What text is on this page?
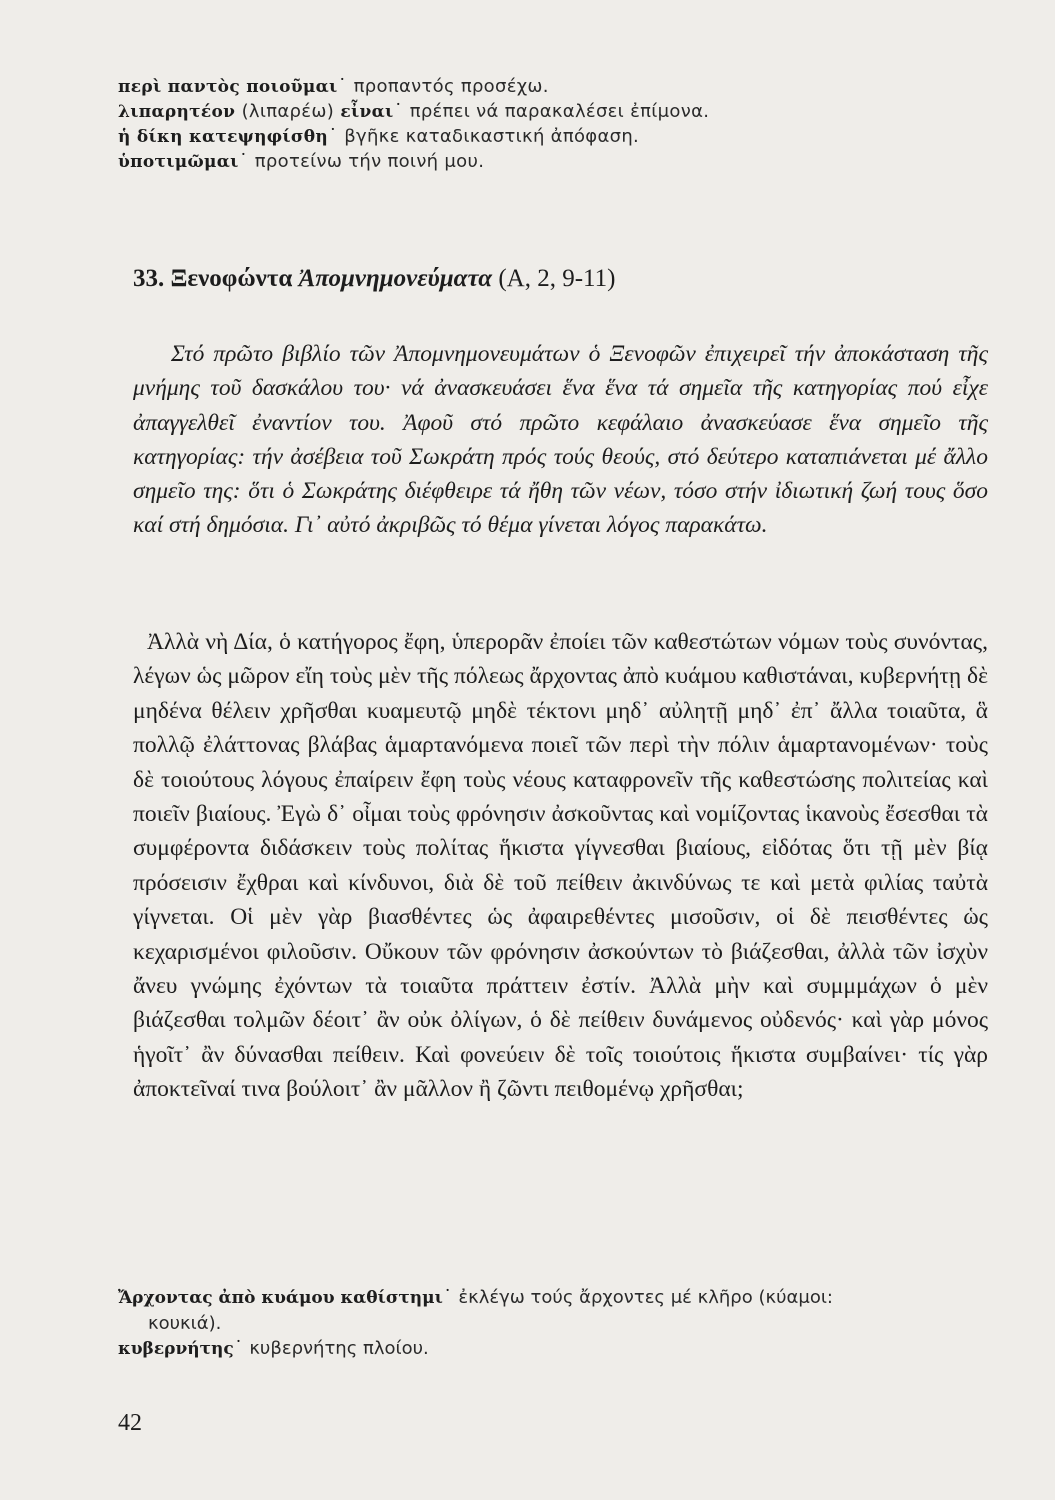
περὶ παντὸς ποιοῦμαι˙ προπαντός προσέχω.
λιπαρητέον (λιπαρέω) εἶναι˙ πρέπει νά παρακαλέσει ἐπίμονα.
ἡ δίκη κατεψηφίσθη˙ βγῆκε καταδικαστική ἀπόφαση.
ὑποτιμῶμαι˙ προτείνω τήν ποινή μου.
33. Ξενοφώντα Ἀπομνημονεύματα (Α, 2, 9-11)

Στό πρῶτο βιβλίο τῶν Ἀπομνημονευμάτων ὁ Ξενοφῶν ἐπιχειρεῖ τήν ἀποκάσταση τῆς μνήμης τοῦ δασκάλου του· νά ἀνασκευάσει ἕνα ἕνα τά σημεῖα τῆς κατηγορίας πού εἶχε ἀπαγγελθεῖ ἐναντίον του. Ἀφοῦ στό πρῶτο κεφάλαιο ἀνασκεύασε ἕνα σημεῖο τῆς κατηγορίας: τήν ἀσέβεια τοῦ Σωκράτη πρός τούς θεούς, στό δεύτερο καταπιάνεται μέ ἄλλο σημεῖο της: ὅτι ὁ Σωκράτης διέφθειρε τά ἤθη τῶν νέων, τόσο στήν ἰδιωτική ζωή τους ὅσο καί στή δημόσια. Γι᾿ αὐτό ἀκριβῶς τό θέμα γίνεται λόγος παρακάτω.

Ἀλλὰ νὴ Δία, ὁ κατήγορος ἔφη, ὑπερορᾶν ἐποίει τῶν καθεστώτων νόμων τοὺς συνόντας, λέγων ὡς μῶρον εἴη τοὺς μὲν τῆς πόλεως ἄρχοντας ἀπὸ κυάμου καθιστάναι, κυβερνήτῃ δὲ μηδένα θέλειν χρῆσθαι κυαμευτῷ μηδὲ τέκτονι μηδ᾿ αὐλητῇ μηδ᾿ ἐπ᾿ ἄλλα τοιαῦτα, ἃ πολλῷ ἐλάττονας βλάβας ἁμαρτανόμενα ποιεῖ τῶν περὶ τὴν πόλιν ἁμαρτανομένων· τοὺς δὲ τοιούτους λόγους ἐπαίρειν ἔφη τοὺς νέους καταφρονεῖν τῆς καθεστώσης πολιτείας καὶ ποιεῖν βιαίους. Ἐγὼ δ᾿ οἶμαι τοὺς φρόνησιν ἀσκοῦντας καὶ νομίζοντας ἱκανοὺς ἔσεσθαι τὰ συμφέροντα διδάσκειν τοὺς πολίτας ἥκιστα γίγνεσθαι βιαίους, εἰδότας ὅτι τῇ μὲν βίᾳ πρόσεισιν ἔχθραι καὶ κίνδυνοι, διὰ δὲ τοῦ πείθειν ἀκινδύνως τε καὶ μετὰ φιλίας ταὐτὰ γίγνεται. Οἱ μὲν γὰρ βιασθέντες ὡς ἀφαιρεθέντες μισοῦσιν, οἱ δὲ πεισθέντες ὡς κεχαρισμένοι φιλοῦσιν. Οὔκουν τῶν φρόνησιν ἀσκούντων τὸ βιάζεσθαι, ἀλλὰ τῶν ἰσχὺν ἄνευ γνώμης ἐχόντων τὰ τοιαῦτα πράττειν ἐστίν. Ἀλλὰ μὴν καὶ συμμμάχων ὁ μὲν βιάζεσθαι τολμῶν δέοιτ᾿ ἂν οὐκ ὀλίγων, ὁ δὲ πείθειν δυνάμενος οὐδενός· καὶ γὰρ μόνος ἡγοῖτ᾿ ἂν δύνασθαι πείθειν. Καὶ φονεύειν δὲ τοῖς τοιούτοις ἥκιστα συμβαίνει· τίς γὰρ ἀποκτεῖναί τινα βούλοιτ᾿ ἂν μᾶλλον ἢ ζῶντι πειθομένῳ χρῆσθαι;

Ἄρχοντας ἀπὸ κυάμου καθίστημι˙ ἐκλέγω τούς ἄρχοντες μέ κλῆρο (κύαμοι:
κουκιά).
κυβερνήτης˙ κυβερνήτης πλοίου.
42
